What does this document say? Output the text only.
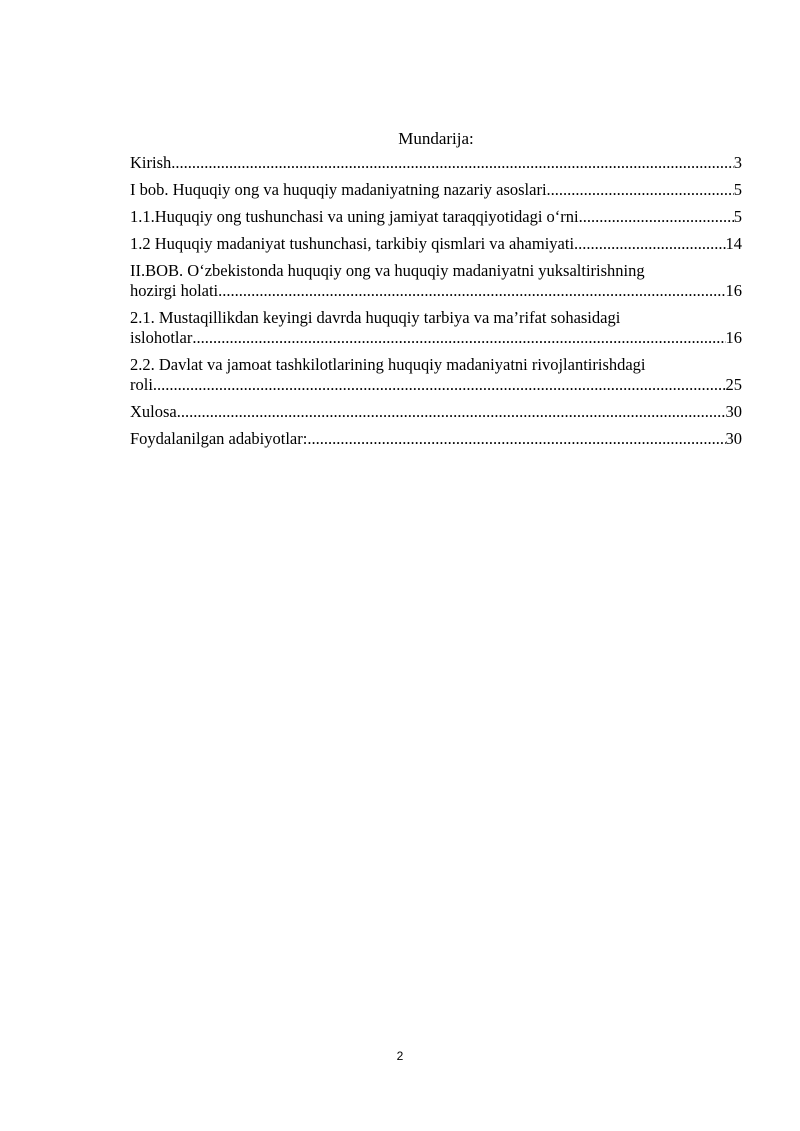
Mundarija:
Kirish .....	3
I bob. Huquqiy ong va huquqiy madaniyatning nazariy asoslari .....	5
1.1.Huquqiy ong tushunchasi va uning jamiyat taraqqiyotidagi o‘rni .....	5
1.2 Huquqiy madaniyat tushunchasi, tarkibiy qismlari va ahamiyati .....	14
II.BOB. O‘zbekistonda huquqiy ong va huquqiy madaniyatni yuksaltirishning
hozirgi holati .....	16
2.1. Mustaqillikdan keyingi davrda huquqiy tarbiya va ma’rifat sohasidagi
islohotlar .....	16
2.2. Davlat va jamoat tashkilotlarining huquqiy madaniyatni rivojlantirishdagi
roli .....	25
Xulosa .....	30
Foydalanilgan adabiyotlar: .....	30
2
